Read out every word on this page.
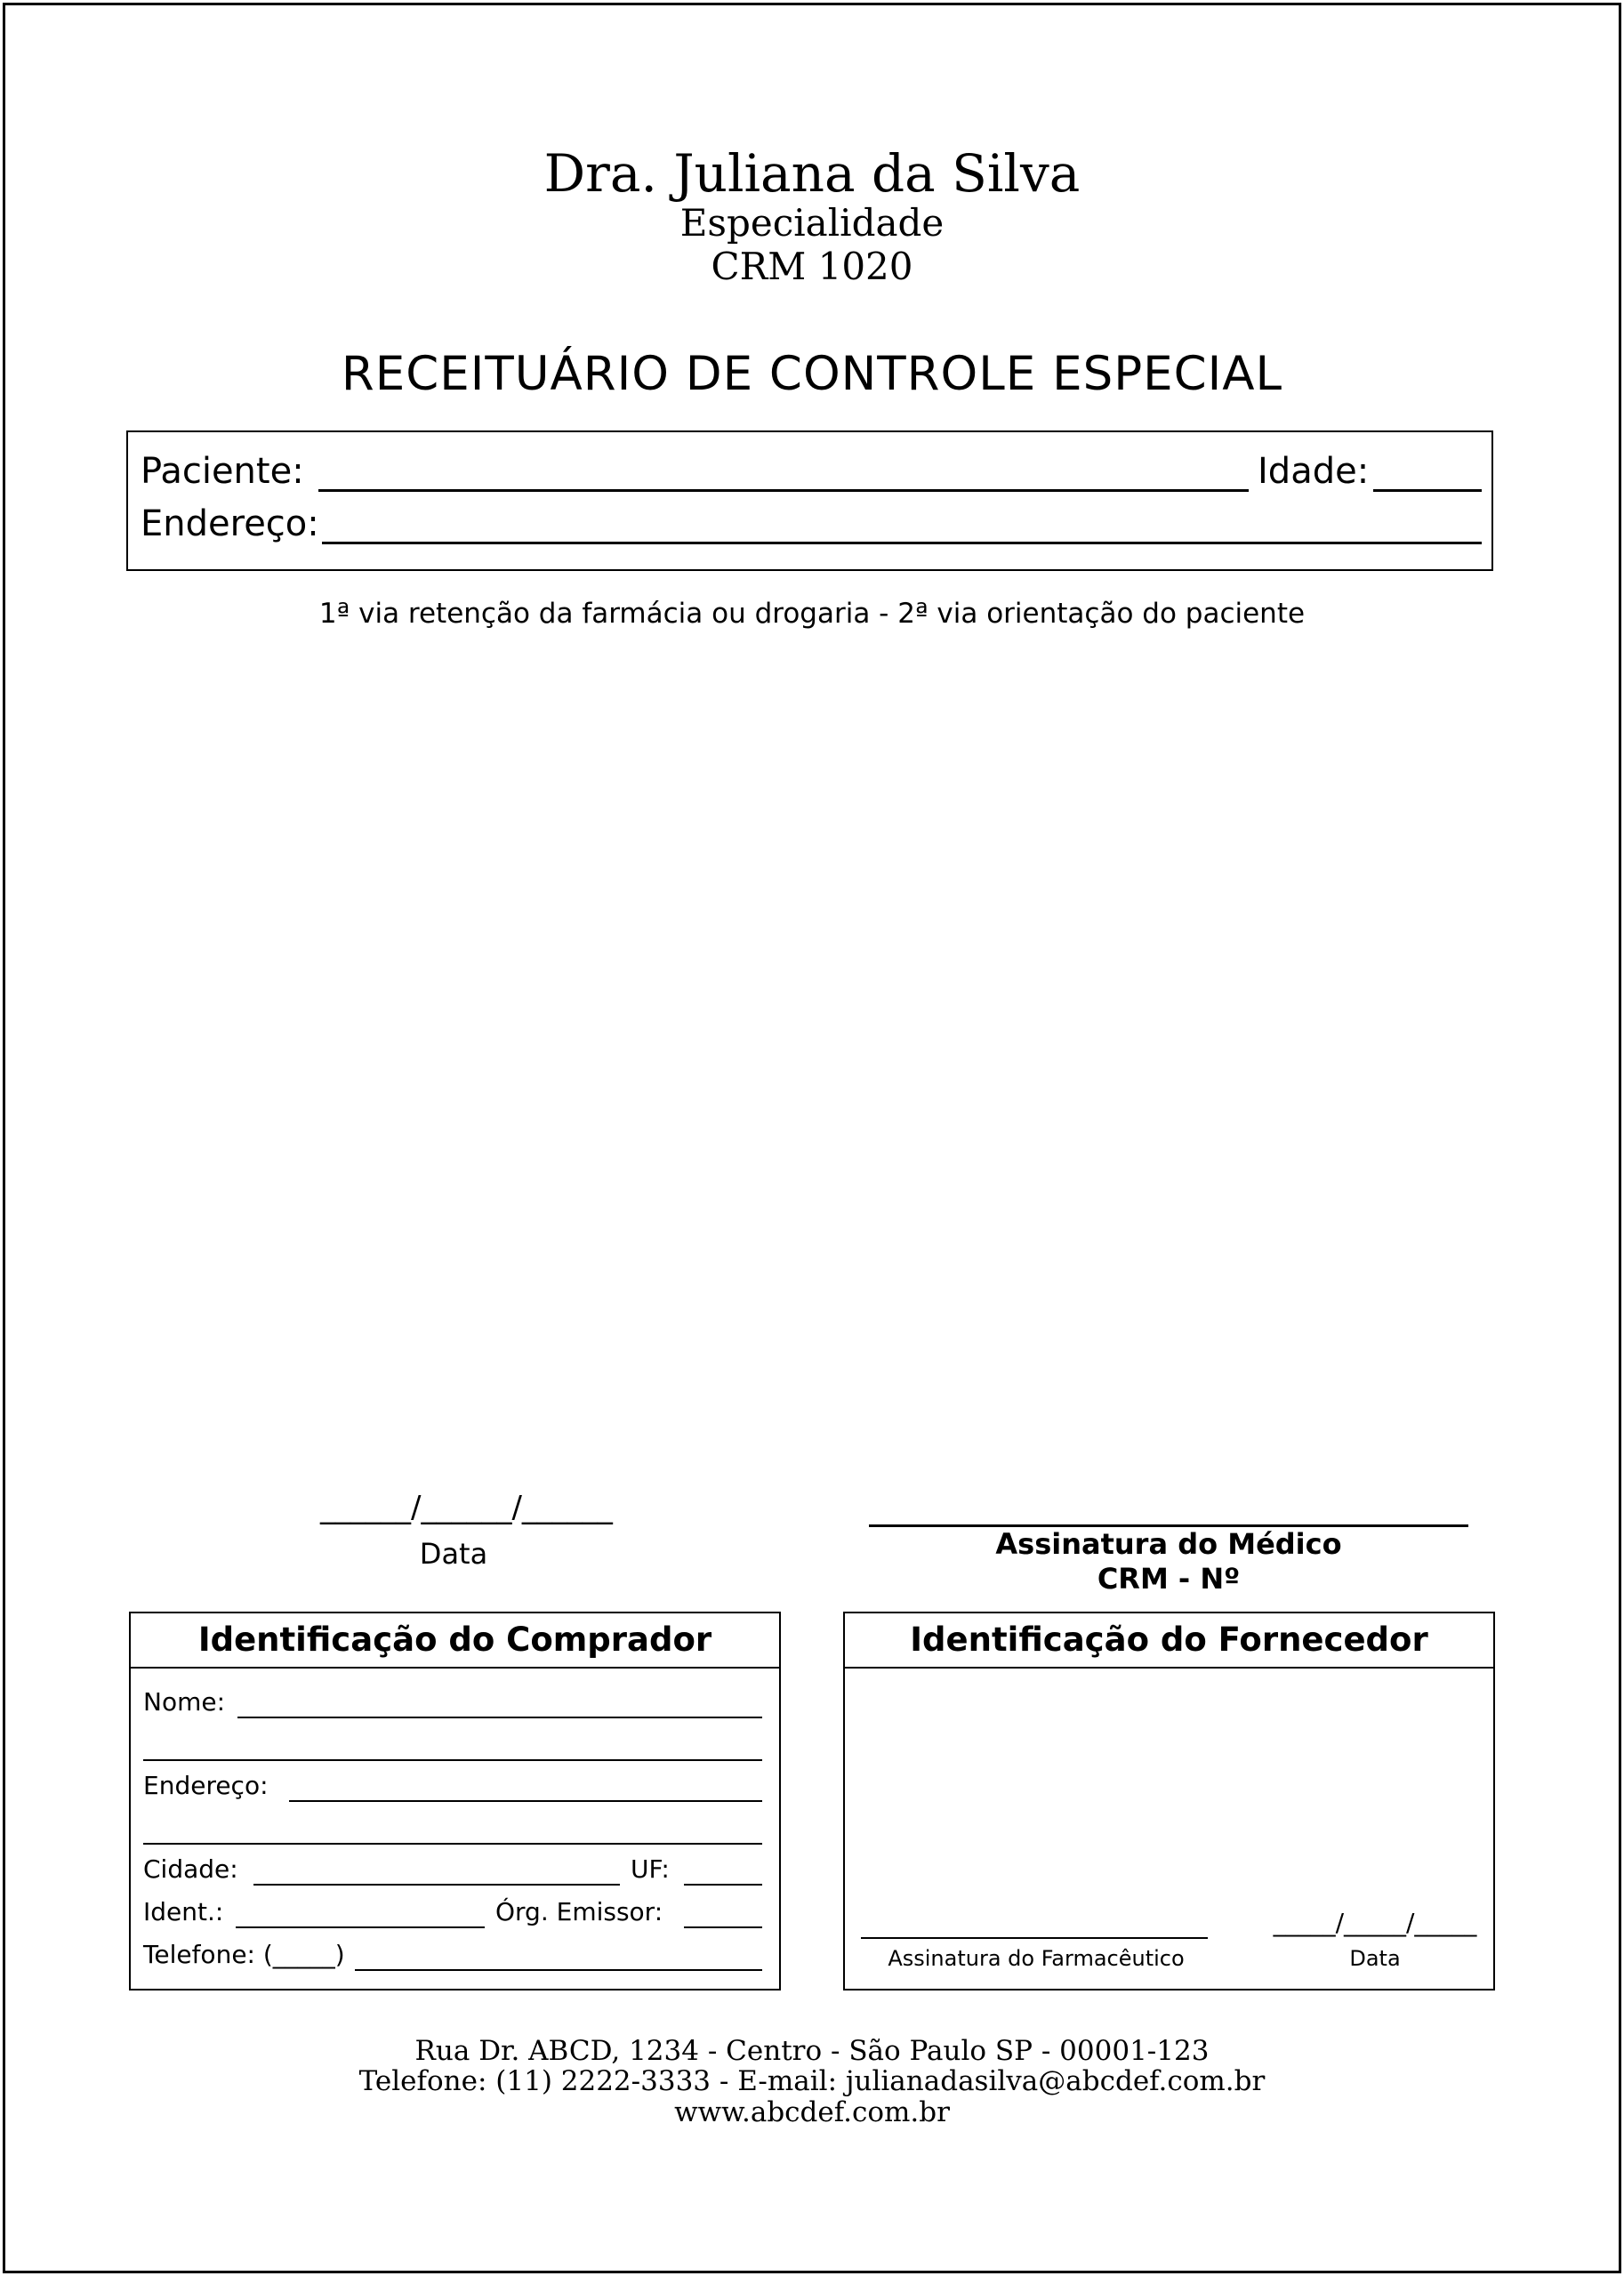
Dra. Juliana da Silva
Especialidade
CRM 1020
RECEITUÁRIO DE CONTROLE ESPECIAL
Paciente:	Idade:
Endereço:
1ª via retenção da farmácia ou drogaria - 2ª via orientação do paciente
______/______/______
Data	Assinatura do Médico
CRM - Nº
Identificação do Comprador
Nome:
Endereço:
Cidade:	UF:
Ident.:	Órg. Emissor:
Telefone: (_____)
Identificação do Fornecedor
Assinatura do Farmacêutico
_____/_____/_____
Data
Rua Dr. ABCD, 1234 - Centro - São Paulo SP - 00001-123
Telefone: (11) 2222-3333 - E-mail: julianadasilva@abcdef.com.br
www.abcdef.com.br
